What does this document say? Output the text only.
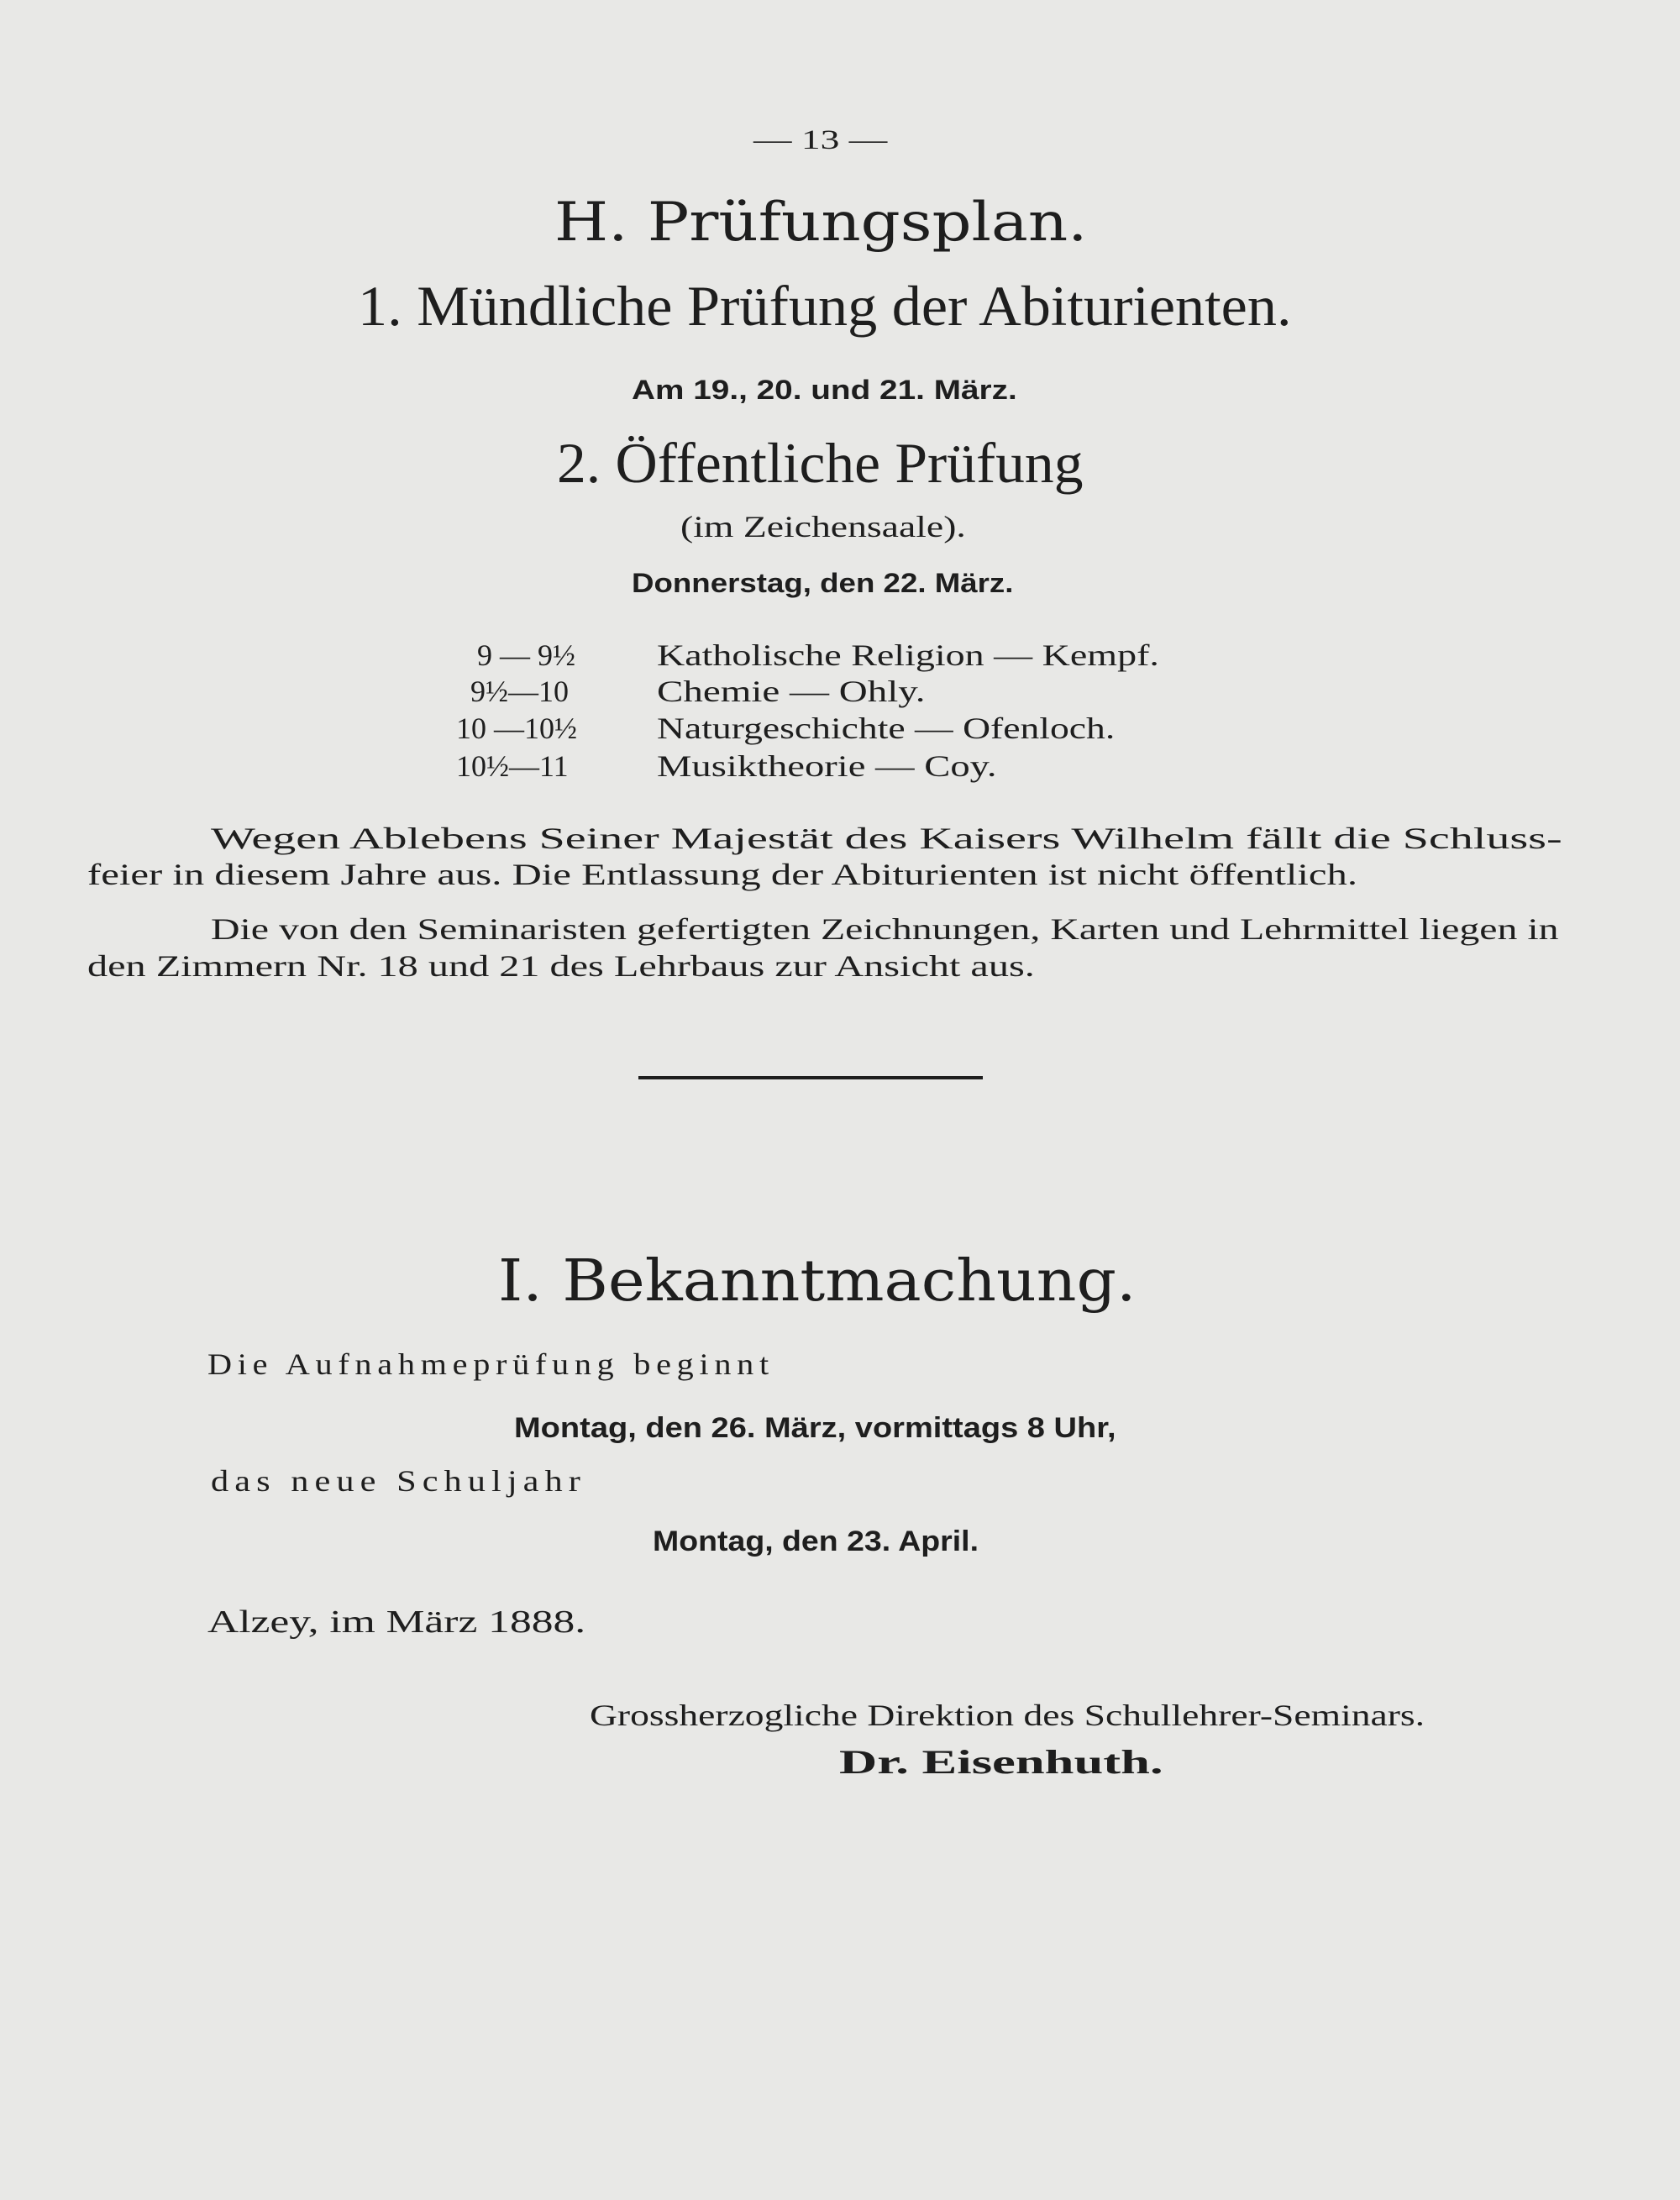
— 13 —
H. Prüfungsplan.
1. Mündliche Prüfung der Abiturienten.
Am 19., 20. und 21. März.
2. Öffentliche Prüfung
(im Zeichensaale).
Donnerstag, den 22. März.
9 — 9½	Katholische Religion — Kempf.
9½—10	Chemie — Ohly.
10 —10½	Naturgeschichte — Ofenloch.
10½—11	Musiktheorie — Coy.
Wegen Ablebens Seiner Majestät des Kaisers Wilhelm fällt die Schluss-
feier in diesem Jahre aus. Die Entlassung der Abiturienten ist nicht öffentlich.
Die von den Seminaristen gefertigten Zeichnungen, Karten und Lehrmittel liegen in
den Zimmern Nr. 18 und 21 des Lehrbaus zur Ansicht aus.
I. Bekanntmachung.
Die Aufnahmeprüfung beginnt
Montag, den 26. März, vormittags 8 Uhr,
das neue Schuljahr
Montag, den 23. April.
Alzey, im März 1888.
Grossherzogliche Direktion des Schullehrer-Seminars.
Dr. Eisenhuth.
